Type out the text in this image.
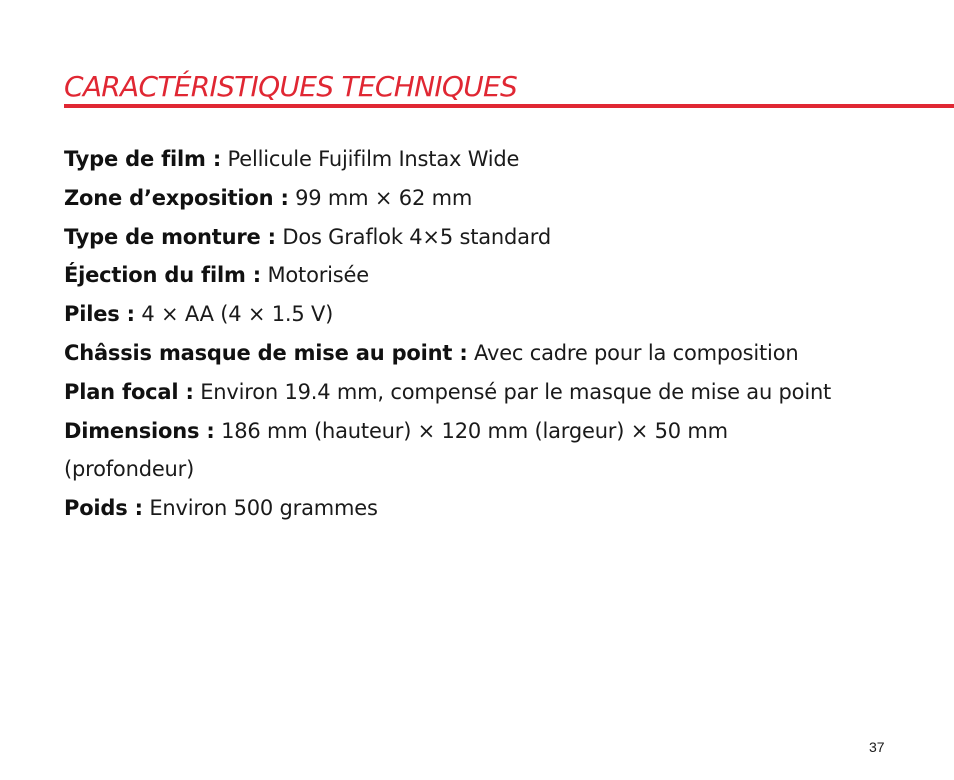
CARACTÉRISTIQUES TECHNIQUES
Type de film : Pellicule Fujifilm Instax Wide
Zone d’exposition : 99 mm × 62 mm
Type de monture : Dos Graflok 4×5 standard
Éjection du film : Motorisée
Piles : 4 × AA (4 × 1.5 V)
Châssis masque de mise au point : Avec cadre pour la composition
Plan focal : Environ 19.4 mm, compensé par le masque de mise au point
Dimensions : 186 mm (hauteur) × 120 mm (largeur) × 50 mm (profondeur)
Poids : Environ 500 grammes
37
